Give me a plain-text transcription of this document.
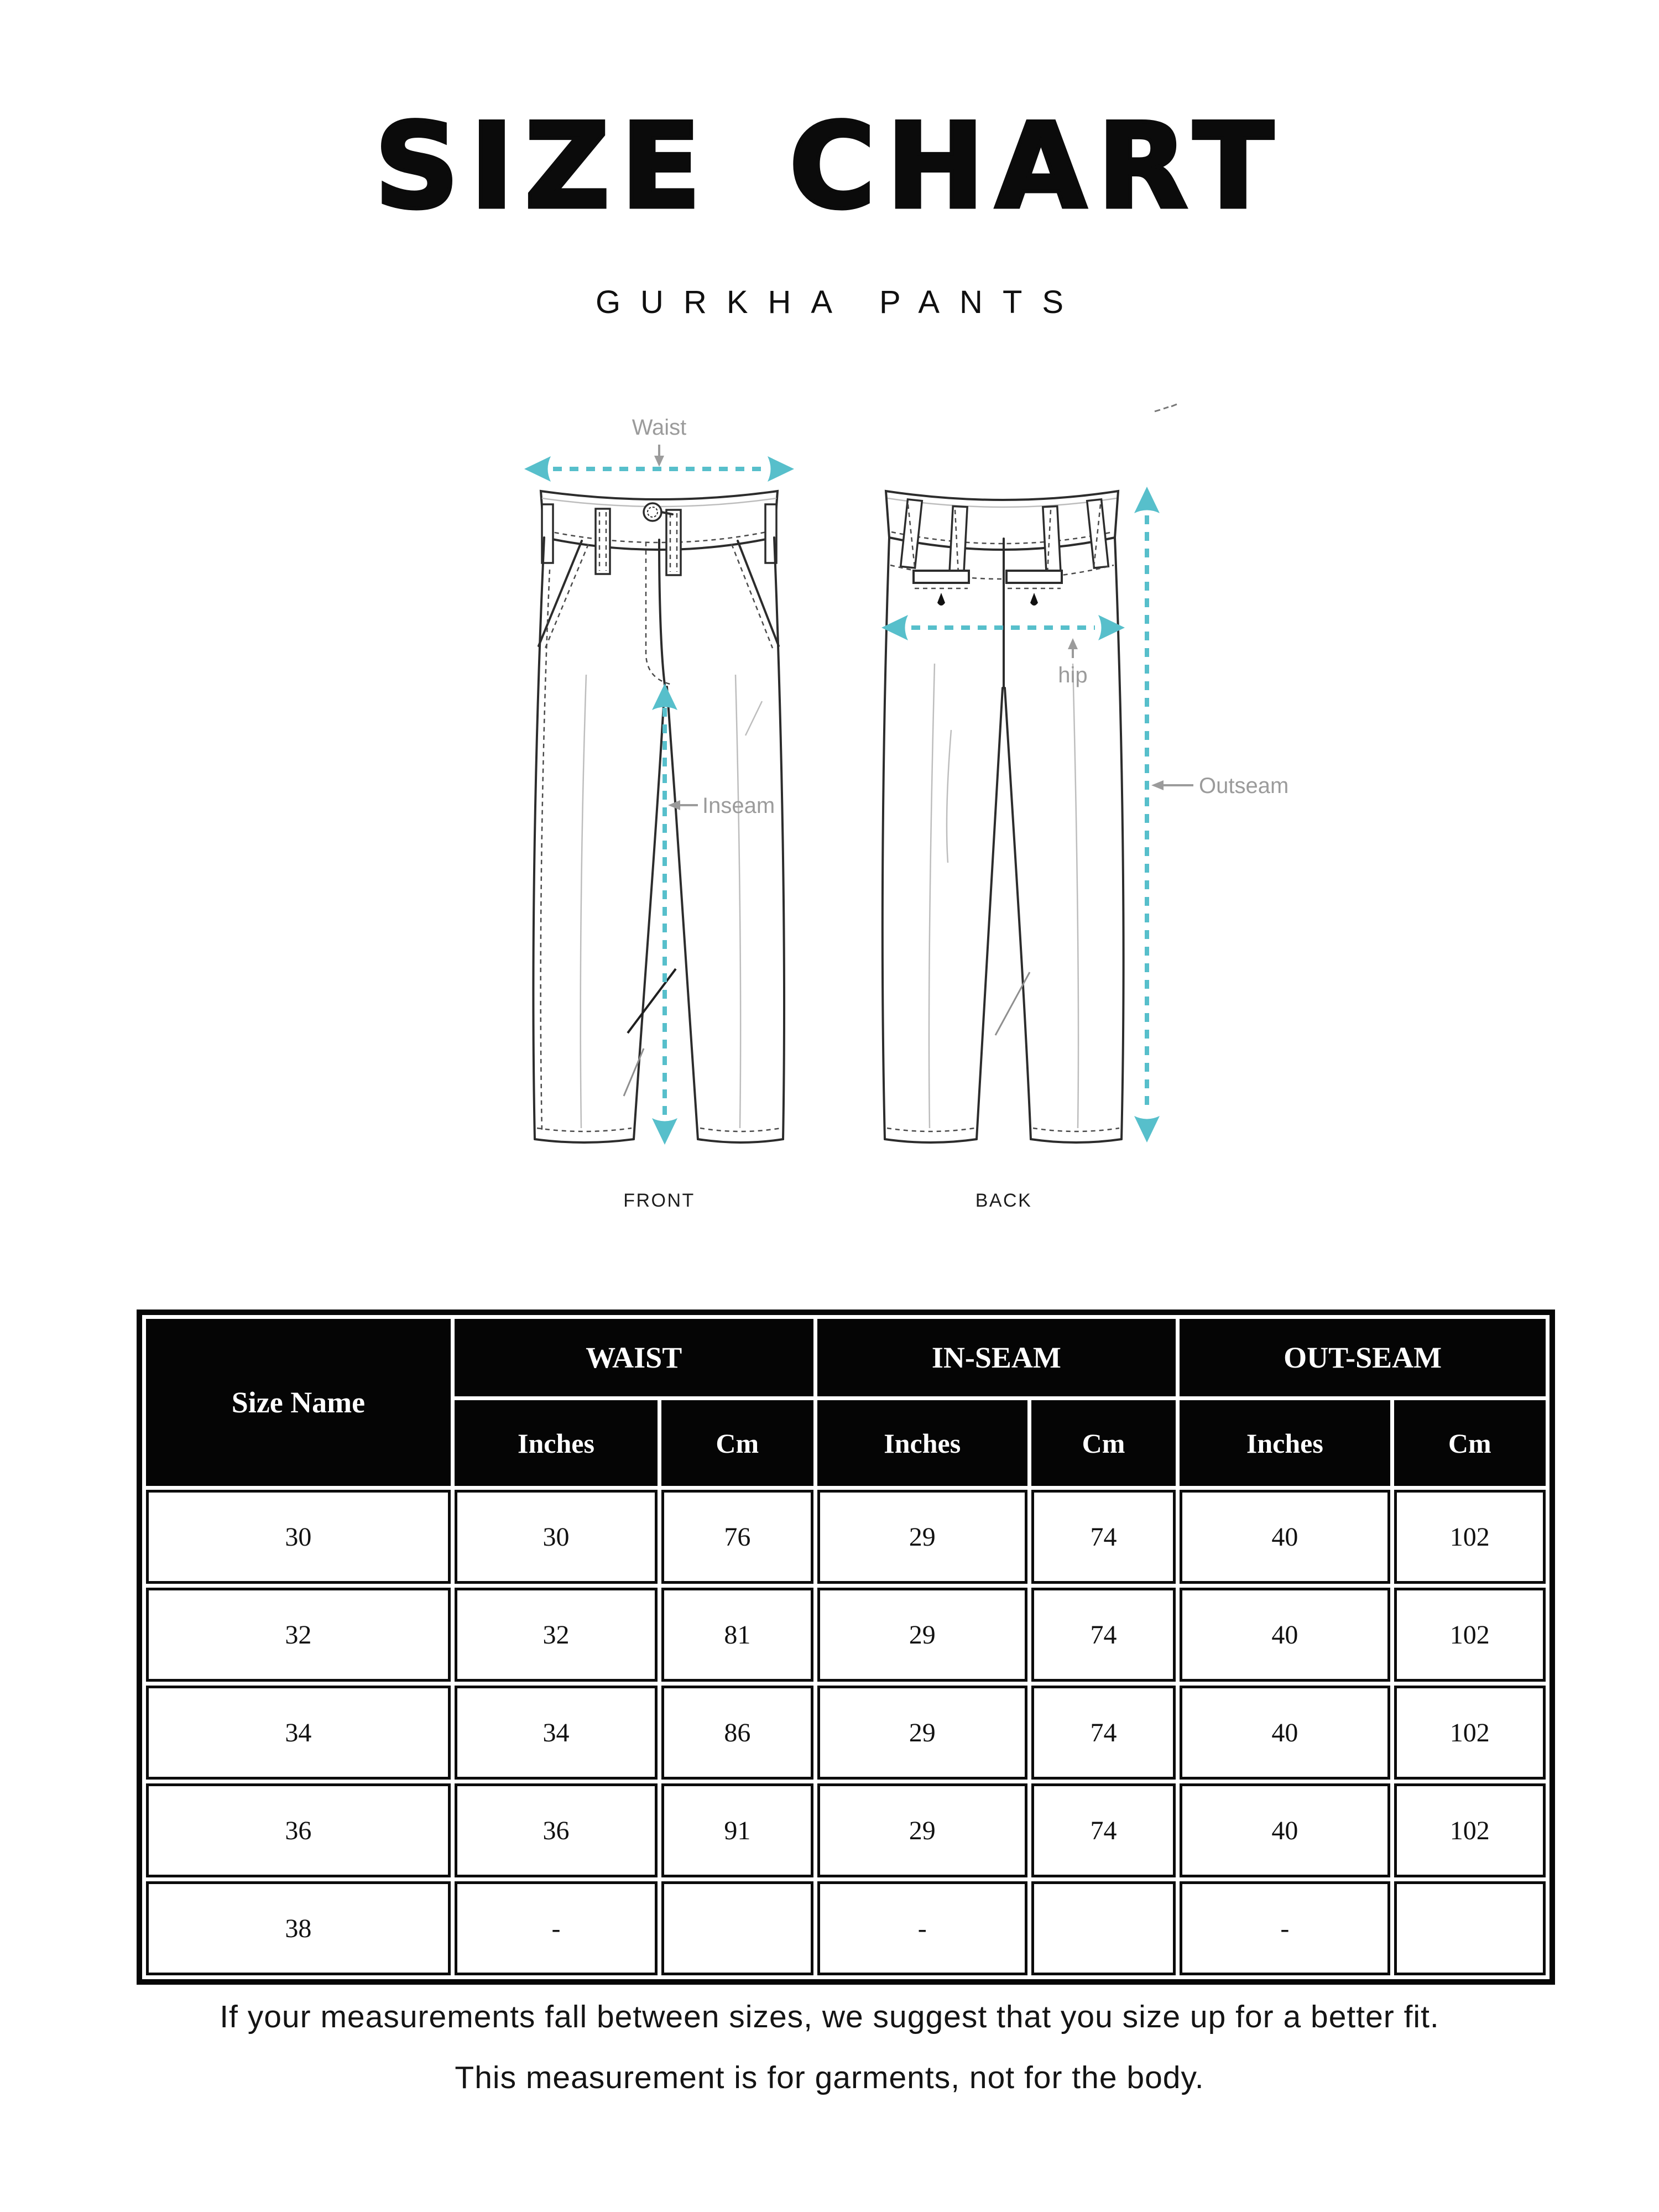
SIZE CHART
GURKHA PANTS
Waist
hip
Inseam
Outseam
FRONT	BACK
Size Name	WAIST		IN-SEAM		OUT-SEAM	
	Inches	Cm	Inches	Cm	Inches	Cm
30	30	76	29	74	40	102
32	32	81	29	74	40	102
34	34	86	29	74	40	102
36	36	91	29	74	40	102
38	-		-		-	
If your measurements fall between sizes, we suggest that you size up for a better fit.
This measurement is for garments, not for the body.
